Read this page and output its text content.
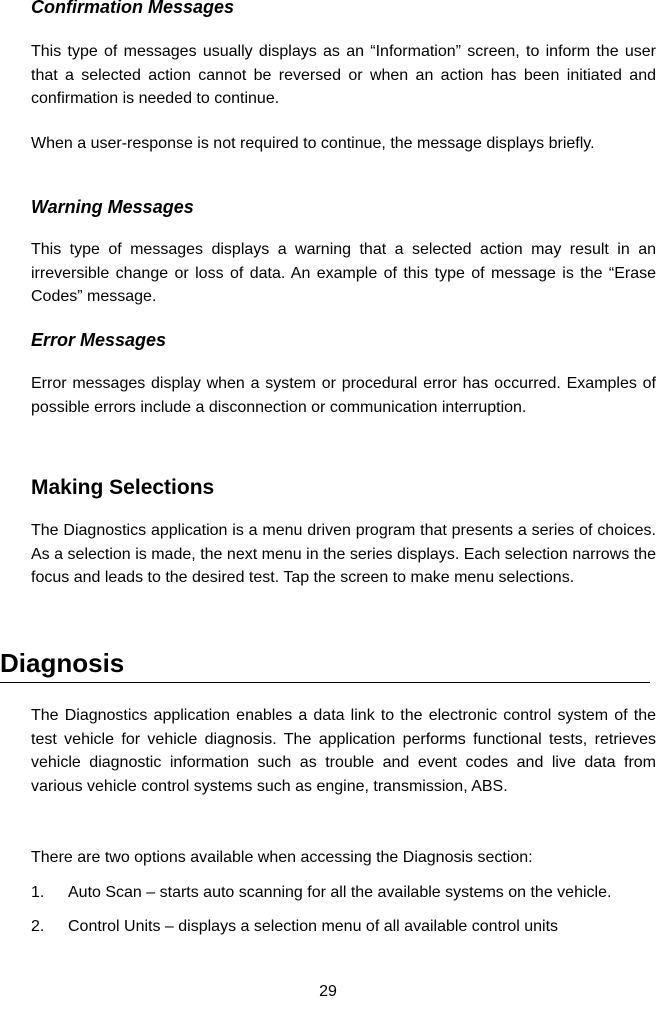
Confirmation Messages

This type of messages usually displays as an “Information” screen, to inform the user that a selected action cannot be reversed or when an action has been initiated and confirmation is needed to continue.

When a user-response is not required to continue, the message displays briefly.

Warning Messages

This type of messages displays a warning that a selected action may result in an irreversible change or loss of data. An example of this type of message is the “Erase Codes” message.

Error Messages

Error messages display when a system or procedural error has occurred. Examples of possible errors include a disconnection or communication interruption.

Making Selections

The Diagnostics application is a menu driven program that presents a series of choices. As a selection is made, the next menu in the series displays. Each selection narrows the focus and leads to the desired test. Tap the screen to make menu selections.

Diagnosis

The Diagnostics application enables a data link to the electronic control system of the test vehicle for vehicle diagnosis. The application performs functional tests, retrieves vehicle diagnostic information such as trouble and event codes and live data from various vehicle control systems such as engine, transmission, ABS.

There are two options available when accessing the Diagnosis section:

1.	Auto Scan – starts auto scanning for all the available systems on the vehicle.
2.	Control Units – displays a selection menu of all available control units
29
